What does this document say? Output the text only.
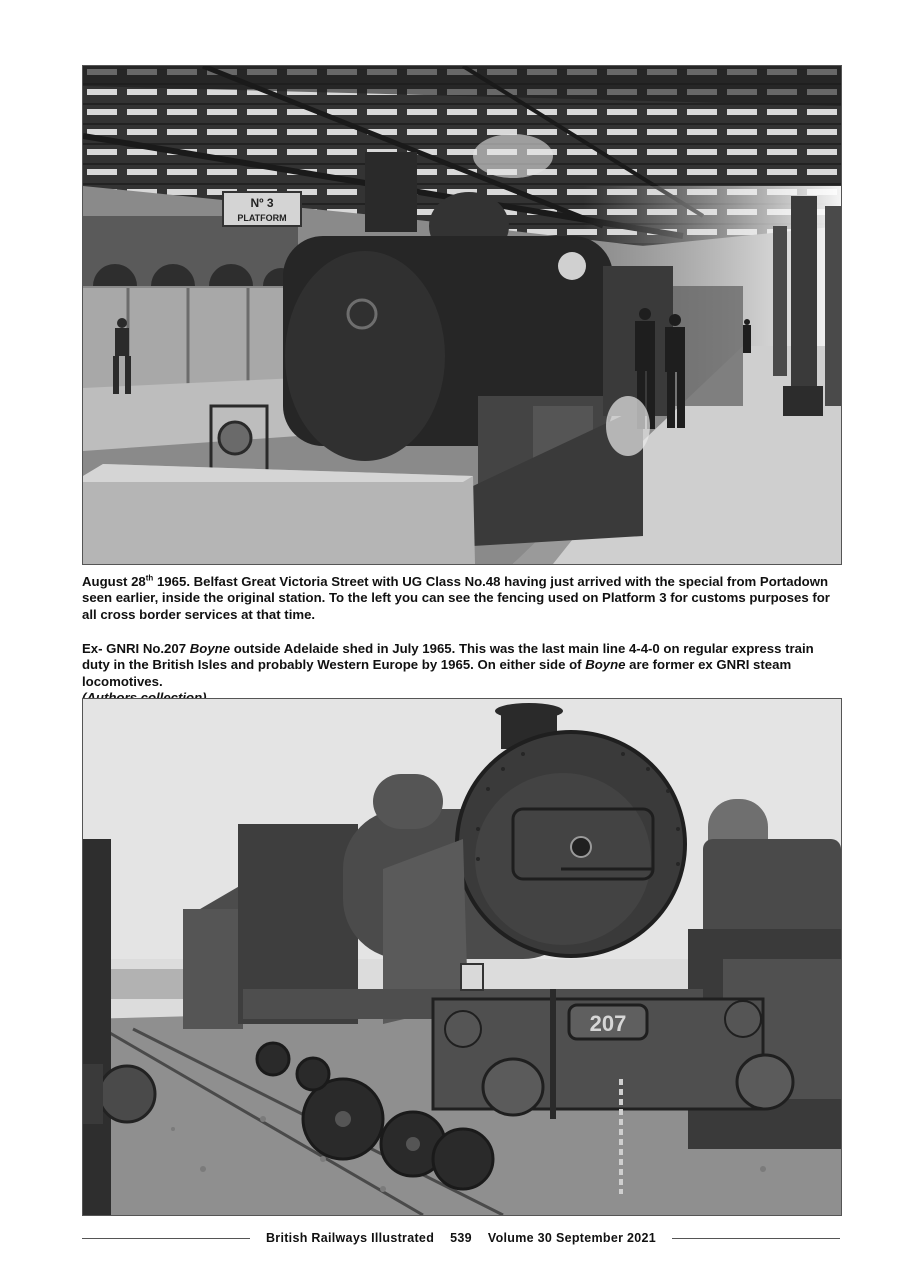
Nº 3
PLATFORM
August 28th 1965. Belfast Great Victoria Street with UG Class No.48 having just arrived with the special from Portadown seen earlier, inside the original station. To the left you can see the fencing used on Platform 3 for customs purposes for all cross border services at that time.
Ex- GNRI No.207 Boyne outside Adelaide shed in July 1965. This was the last main line 4-4-0 on regular express train duty in the British Isles and probably Western Europe by 1965. On either side of Boyne are former ex GNRI steam locomotives.

207
British Railways Illustrated 539 Volume 30 September 2021
